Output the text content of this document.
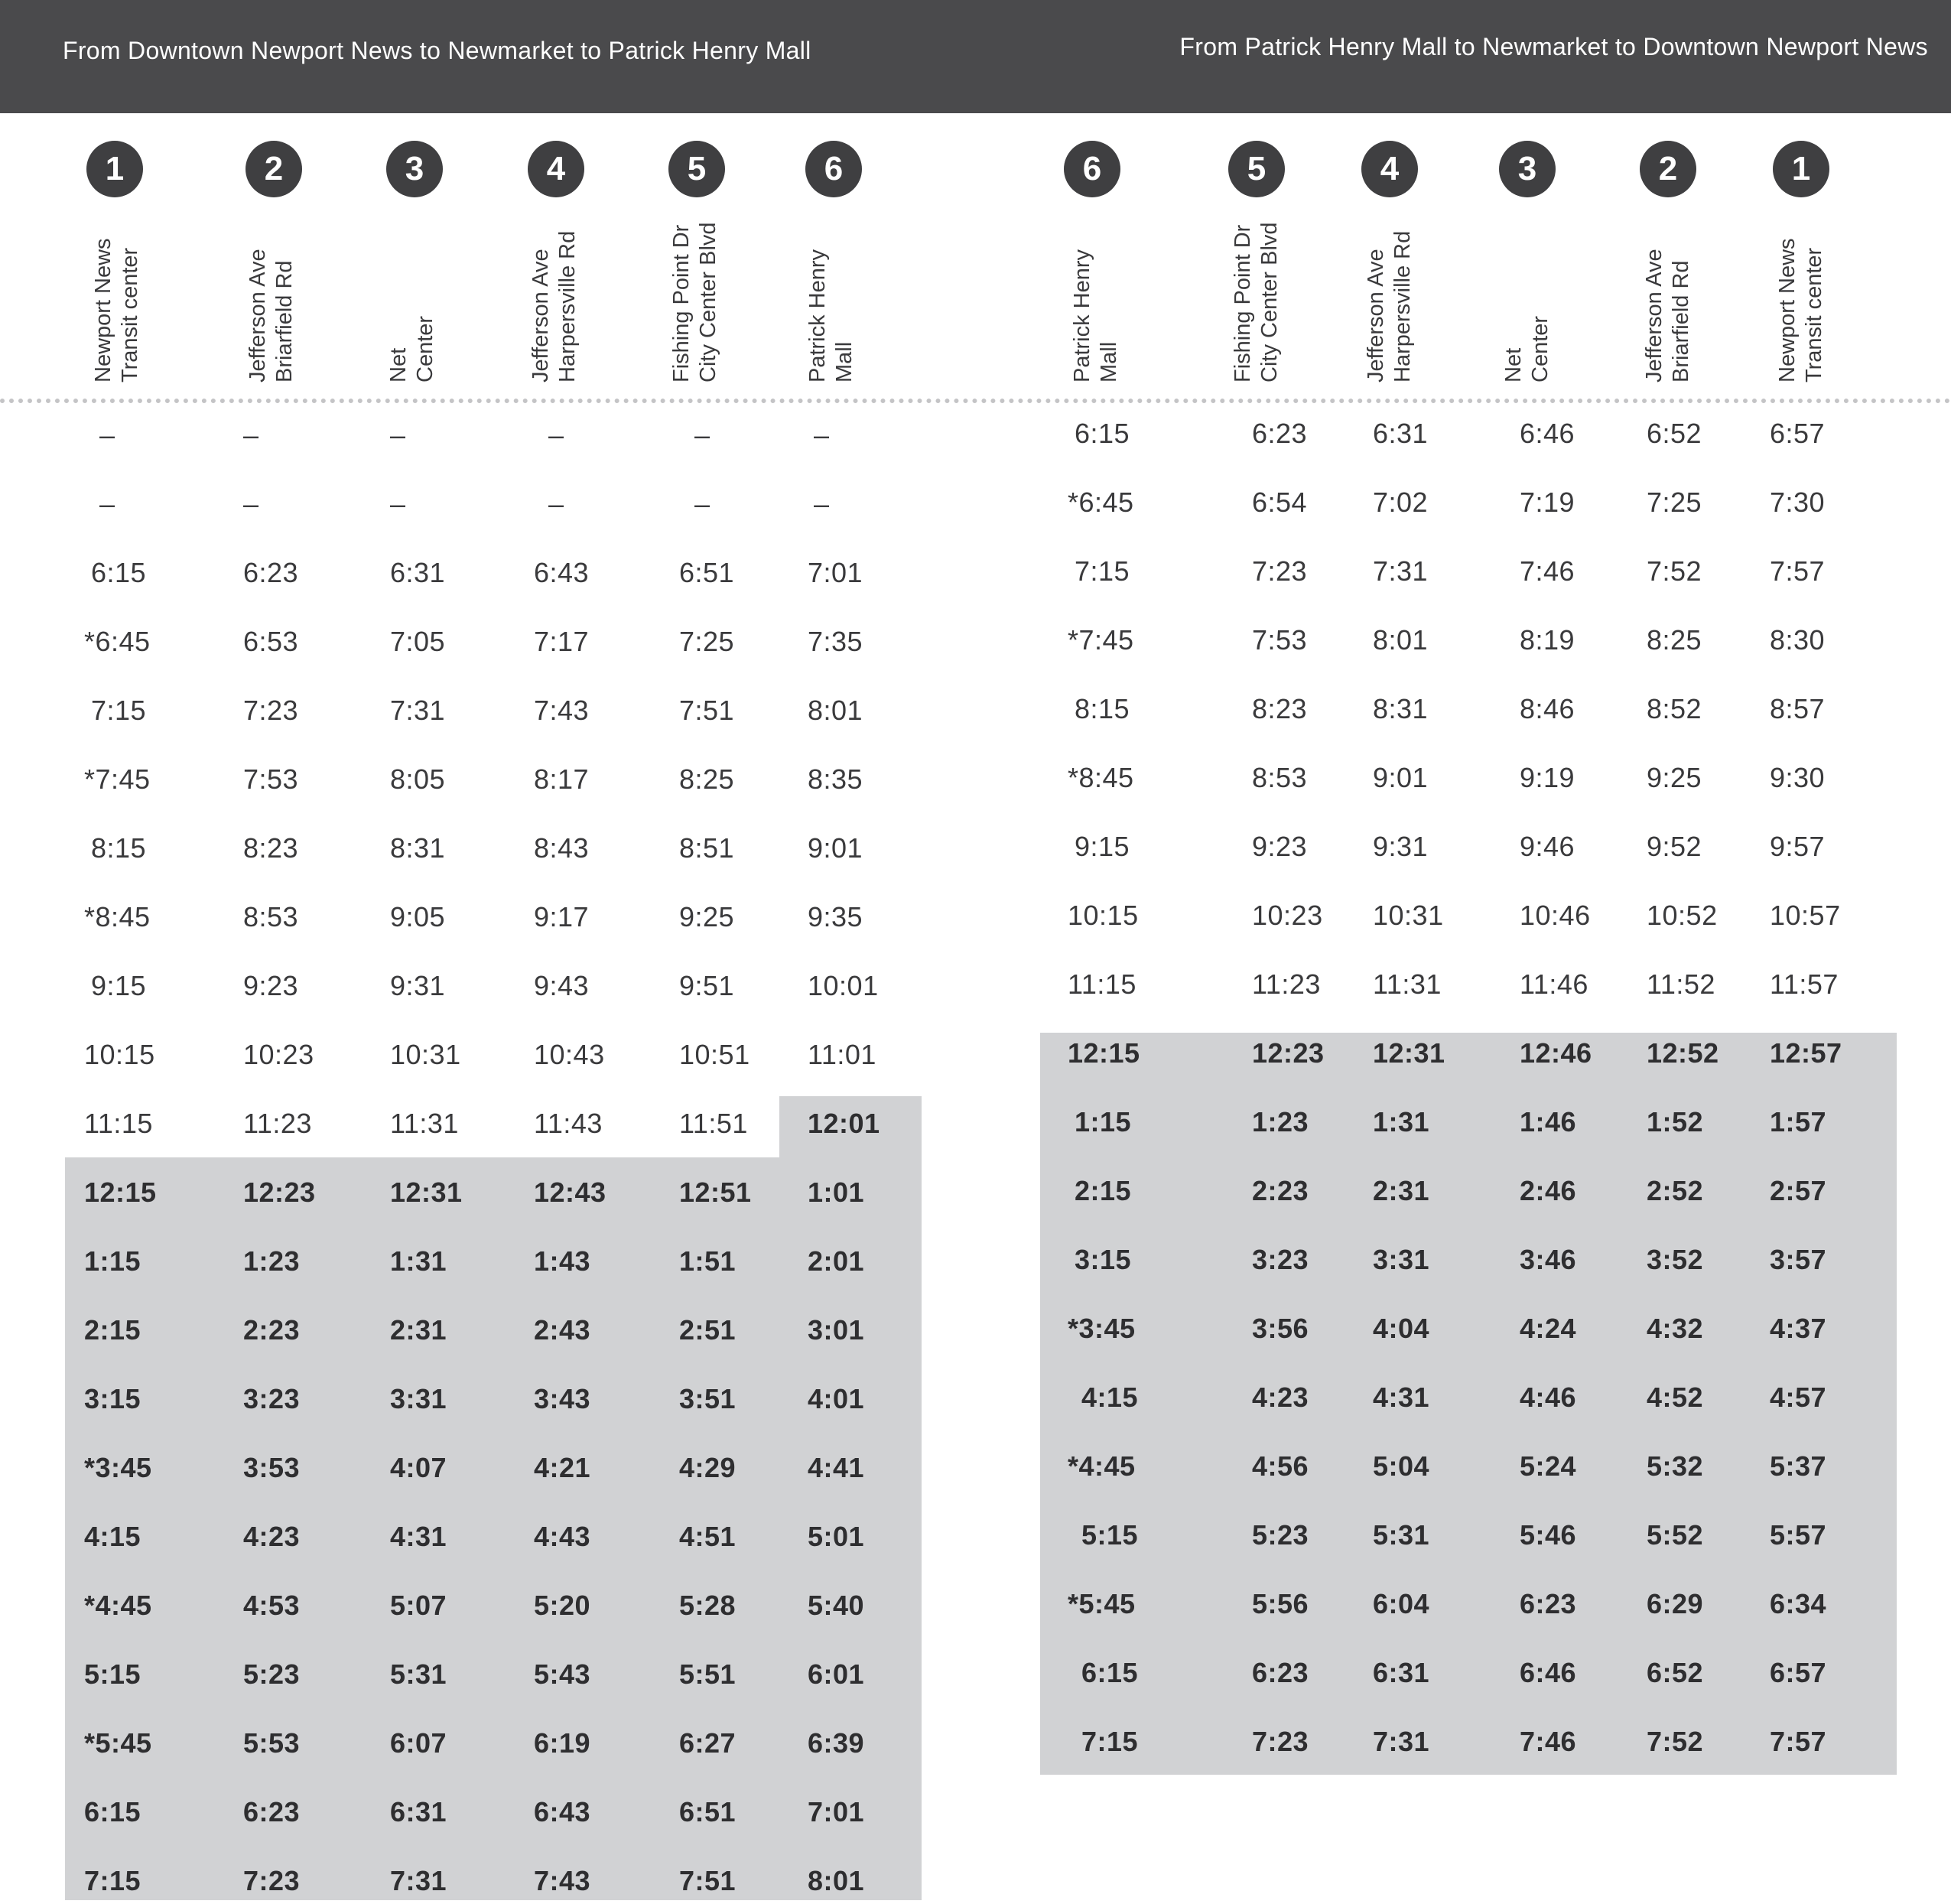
From Downtown Newport News to Newmarket to Patrick Henry Mall	From Patrick Henry Mall to Newmarket to Downtown Newport News
1
Newport News Transit center
2
Jefferson Ave Briarfield Rd
3
Net Center
4
Jefferson Ave Harpersville Rd
5
Fishing Point Dr City Center Blvd
6
Patrick Henry Mall
–	–	–	–	–	–
–	–	–	–	–	–
6:15	6:23	6:31	6:43	6:51	7:01
*6:45	6:53	7:05	7:17	7:25	7:35
7:15	7:23	7:31	7:43	7:51	8:01
*7:45	7:53	8:05	8:17	8:25	8:35
8:15	8:23	8:31	8:43	8:51	9:01
*8:45	8:53	9:05	9:17	9:25	9:35
9:15	9:23	9:31	9:43	9:51	10:01
10:15	10:23	10:31	10:43	10:51 11:01
11:15	11:23	11:31	11:43	11:51 12:01
12:15	12:23	12:31	12:43	12:51 1:01
1:15	1:23	1:31	1:43	1:51	2:01
2:15	2:23	2:31	2:43	2:51	3:01
3:15	3:23	3:31	3:43	3:51	4:01
*3:45	3:53	4:07	4:21	4:29	4:41
4:15	4:23	4:31	4:43	4:51	5:01
*4:45	4:53	5:07	5:20	5:28	5:40
5:15	5:23	5:31	5:43	5:51	6:01
*5:45	5:53	6:07	6:19	6:27	6:39
6:15	6:23	6:31	6:43	6:51	7:01
7:15	7:23	7:31	7:43	7:51	8:01
6
Patrick Henry Mall
5
Fishing Point Dr City Center Blvd
4
Jefferson Ave Harpersville Rd
3
Net Center
2
Jefferson Ave Briarfield Rd
1
Newport News Transit center
6:15	6:23 6:31	6:46	6:52 6:57
*6:45	6:54 7:02	7:19	7:25 7:30
7:15	7:23 7:31	7:46	7:52 7:57
*7:45	7:53 8:01	8:19	8:25 8:30
8:15	8:23 8:31	8:46	8:52 8:57
*8:45	8:53 9:01	9:19	9:25 9:30
9:15	9:23 9:31	9:46	9:52 9:57
10:15	10:23 10:31	10:46 10:52 10:57
11:15	11:23 11:31	11:46 11:52 11:57
12:15	12:23 12:31	12:46 12:52 12:57
1:15	1:23 1:31	1:46	1:52 1:57
2:15	2:23 2:31	2:46	2:52 2:57
3:15	3:23 3:31	3:46	3:52 3:57
*3:45	3:56 4:04	4:24	4:32 4:37
4:15	4:23 4:31	4:46	4:52 4:57
*4:45	4:56 5:04	5:24	5:32 5:37
5:15	5:23 5:31	5:46	5:52 5:57
*5:45	5:56 6:04	6:23	6:29 6:34
6:15	6:23 6:31	6:46	6:52 6:57
7:15	7:23 7:31	7:46	7:52 7:57
